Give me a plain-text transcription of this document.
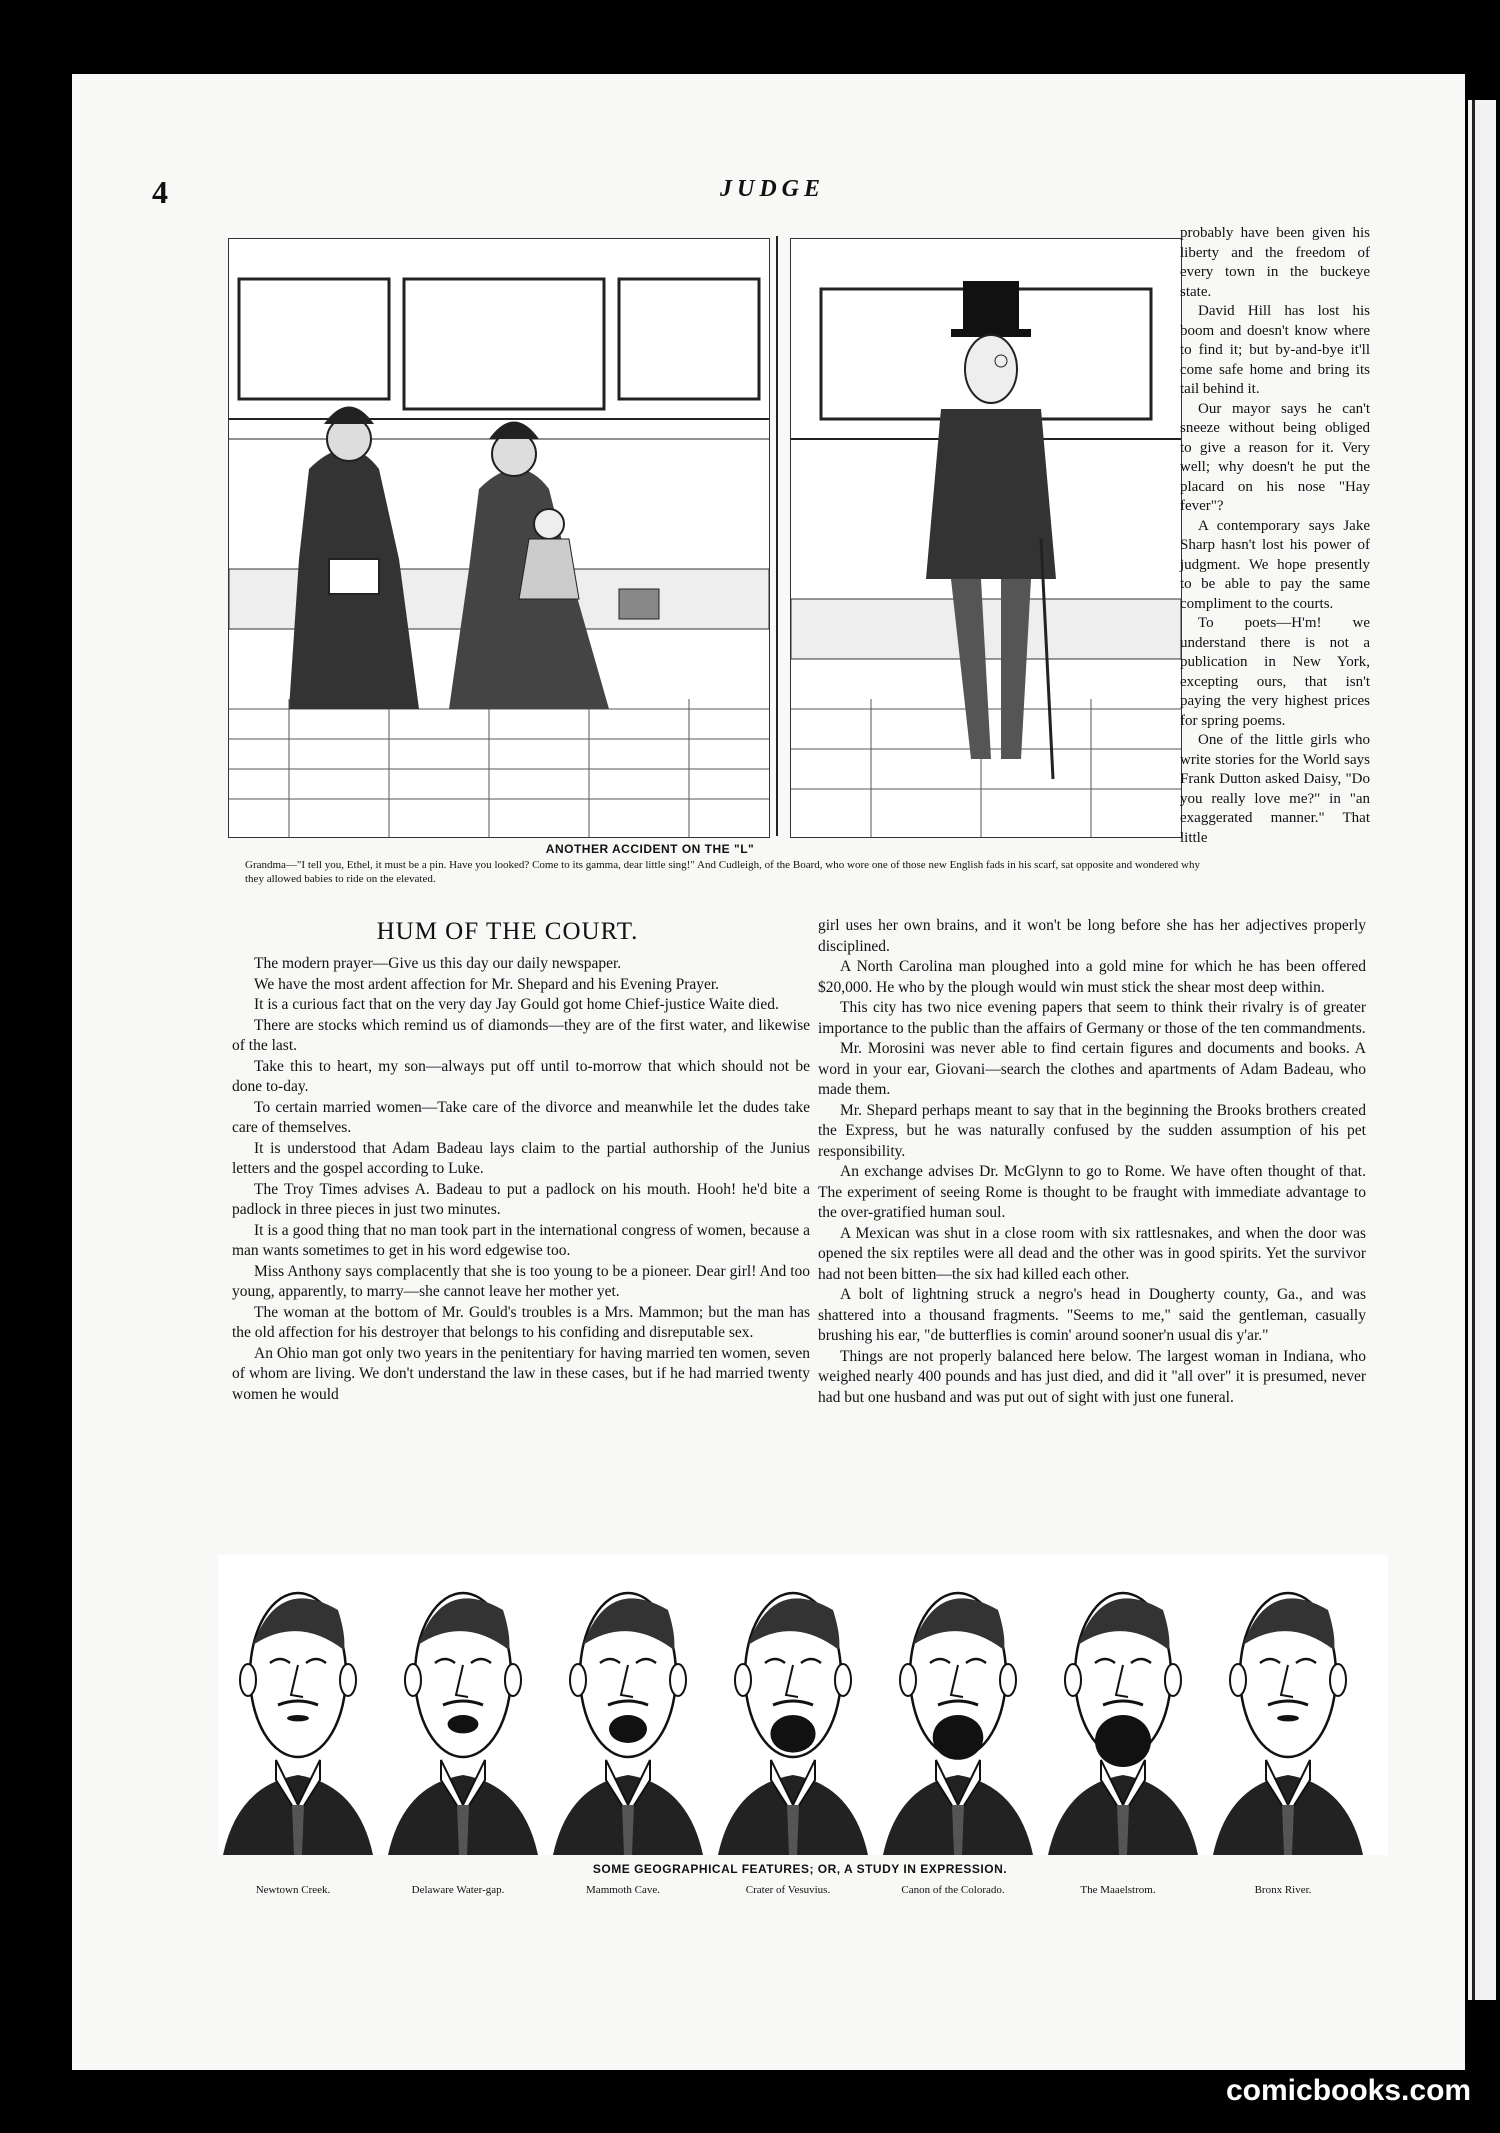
4	JUDGE
ANOTHER ACCIDENT ON THE "L"
Grandma—"I tell you, Ethel, it must be a pin. Have you looked? Come to its gamma, dear little sing!" And Cudleigh, of the Board, who wore one of those new English fads in his scarf, sat opposite and wondered why they allowed babies to ride on the elevated.
HUM OF THE COURT.

The modern prayer—Give us this day our daily newspaper.

We have the most ardent affection for Mr. Shepard and his Evening Prayer.

It is a curious fact that on the very day Jay Gould got home Chief-justice Waite died.

There are stocks which remind us of diamonds—they are of the first water, and likewise of the last.

Take this to heart, my son—always put off until to-morrow that which should not be done to-day.

To certain married women—Take care of the divorce and meanwhile let the dudes take care of themselves.

It is understood that Adam Badeau lays claim to the partial authorship of the Junius letters and the gospel according to Luke.

The Troy Times advises A. Badeau to put a padlock on his mouth. Hooh! he'd bite a padlock in three pieces in just two minutes.

It is a good thing that no man took part in the international congress of women, because a man wants sometimes to get in his word edgewise too.

Miss Anthony says complacently that she is too young to be a pioneer. Dear girl! And too young, apparently, to marry—she cannot leave her mother yet.

The woman at the bottom of Mr. Gould's troubles is a Mrs. Mammon; but the man has the old affection for his destroyer that belongs to his confiding and disreputable sex.

An Ohio man got only two years in the penitentiary for having married ten women, seven of whom are living. We don't understand the law in these cases, but if he had married twenty women he would

girl uses her own brains, and it won't be long before she has her adjectives properly disciplined.

A North Carolina man ploughed into a gold mine for which he has been offered $20,000. He who by the plough would win must stick the shear most deep within.

This city has two nice evening papers that seem to think their rivalry is of greater importance to the public than the affairs of Germany or those of the ten commandments.

Mr. Morosini was never able to find certain figures and documents and books. A word in your ear, Giovani—search the clothes and apartments of Adam Badeau, who made them.

Mr. Shepard perhaps meant to say that in the beginning the Brooks brothers created the Express, but he was naturally confused by the sudden assumption of his pet responsibility.

An exchange advises Dr. McGlynn to go to Rome. We have often thought of that. The experiment of seeing Rome is thought to be fraught with immediate advantage to the over-gratified human soul.

A Mexican was shut in a close room with six rattlesnakes, and when the door was opened the six reptiles were all dead and the other was in good spirits. Yet the survivor had not been bitten—the six had killed each other.

A bolt of lightning struck a negro's head in Dougherty county, Ga., and was shattered into a thousand fragments. "Seems to me," said the gentleman, casually brushing his ear, "de butterflies is comin' around sooner'n usual dis y'ar."

Things are not properly balanced here below. The largest woman in Indiana, who weighed nearly 400 pounds and has just died, and did it "all over" it is presumed, never had but one husband and was put out of sight with just one funeral.

probably have been given his liberty and the freedom of every town in the buckeye state.

David Hill has lost his boom and doesn't know where to find it; but by-and-bye it'll come safe home and bring its tail behind it.

Our mayor says he can't sneeze without being obliged to give a reason for it. Very well; why doesn't he put the placard on his nose "Hay fever"?

A contemporary says Jake Sharp hasn't lost his power of judgment. We hope presently to be able to pay the same compliment to the courts.

To poets—H'm! we understand there is not a publication in New York, excepting ours, that isn't paying the very highest prices for spring poems.

One of the little girls who write stories for the World says Frank Dutton asked Daisy, "Do you really love me?" in "an exaggerated manner." That little

SOME GEOGRAPHICAL FEATURES; OR, A STUDY IN EXPRESSION.
Newtown Creek.	Delaware Water-gap.	Mammoth Cave.	Crater of Vesuvius.	Canon of the Colorado.	The Maaelstrom.	Bronx River.
comicbooks.com
